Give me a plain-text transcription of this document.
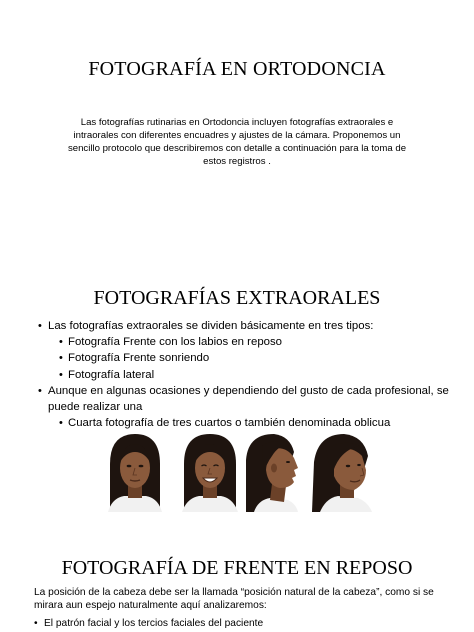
FOTOGRAFÍA EN ORTODONCIA

Las fotografías rutinarias en Ortodoncia incluyen fotografías extraorales e intraorales con diferentes encuadres y ajustes de la cámara. Proponemos un sencillo protocolo que describiremos con detalle a continuación para la toma de estos registros .

FOTOGRAFÍAS EXTRAORALES
• Las fotografías extraorales se dividen básicamente en tres tipos:
• Fotografía Frente con los labios en reposo
• Fotografía Frente sonriendo
• Fotografía lateral
• Aunque en algunas ocasiones y dependiendo del gusto de cada profesional, se puede realizar una
• Cuarta fotografía de tres cuartos o también denominada oblicua
FOTOGRAFÍA DE FRENTE EN REPOSO

La posición de la cabeza debe ser la llamada “posición natural de la cabeza”, como si se mirara aun espejo naturalmente aquí analizaremos:

• El patrón facial y los tercios faciales del paciente
